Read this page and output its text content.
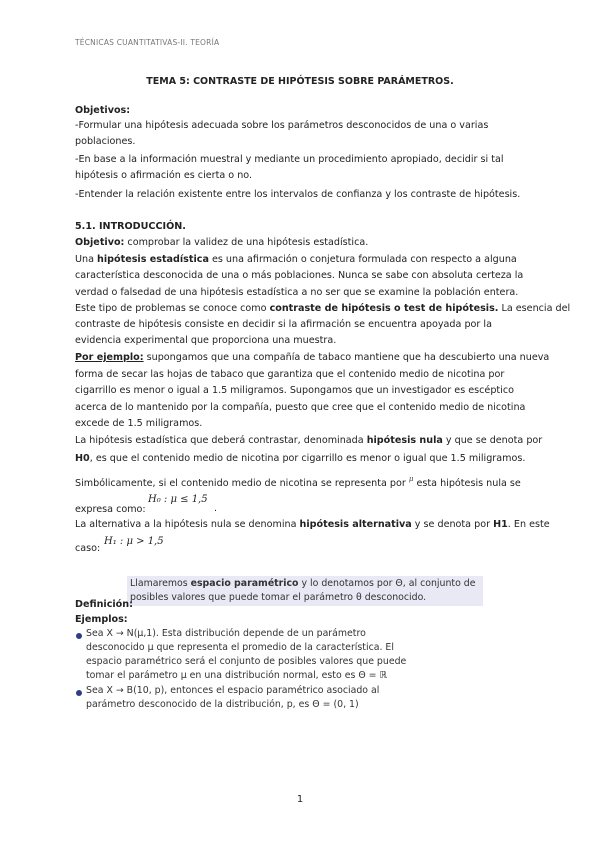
TÉCNICAS CUANTITATIVAS-II. TEORÍA
TEMA 5: CONTRASTE DE HIPÓTESIS SOBRE PARÁMETROS.
Objetivos:
-Formular una hipótesis adecuada sobre los parámetros desconocidos de una o varias
poblaciones.
-En base a la información muestral y mediante un procedimiento apropiado, decidir si tal
hipótesis o afirmación es cierta o no.
-Entender la relación existente entre los intervalos de confianza y los contraste de hipótesis.
5.1. INTRODUCCIÓN.
Objetivo: comprobar la validez de una hipótesis estadística.
Una hipótesis estadística es una afirmación o conjetura formulada con respecto a alguna
característica desconocida de una o más poblaciones. Nunca se sabe con absoluta certeza la
verdad o falsedad de una hipótesis estadística a no ser que se examine la población entera.
Este tipo de problemas se conoce como contraste de hipótesis o test de hipótesis. La esencia del
contraste de hipótesis consiste en decidir si la afirmación se encuentra apoyada por la
evidencia experimental que proporciona una muestra.
Por ejemplo: supongamos que una compañía de tabaco mantiene que ha descubierto una nueva
forma de secar las hojas de tabaco que garantiza que el contenido medio de nicotina por
cigarrillo es menor o igual a 1.5 miligramos. Supongamos que un investigador es escéptico
acerca de lo mantenido por la compañía, puesto que cree que el contenido medio de nicotina
excede de 1.5 miligramos.
La hipótesis estadística que deberá contrastar, denominada hipótesis nula y que se denota por
H0, es que el contenido medio de nicotina por cigarrillo es menor o igual que 1.5 miligramos.
Simbólicamente, si el contenido medio de nicotina se representa por $^\mu$ esta hipótesis nula se
expresa como:
H₀ : μ ≤ 1,5
.
La alternativa a la hipótesis nula se denomina hipótesis alternativa y se denota por H1. En este
caso:
H₁ : μ > 1,5
Llamaremos espacio paramétrico y lo denotamos por Θ, al conjunto de
posibles valores que puede tomar el parámetro θ desconocido.
Definición:
Ejemplos:
Sea X → N(μ,1). Esta distribución depende de un parámetro
desconocido μ que representa el promedio de la característica. El
espacio paramétrico será el conjunto de posibles valores que puede
tomar el parámetro μ en una distribución normal, esto es Θ = ℝ
Sea X → B(10, p), entonces el espacio paramétrico asociado al
parámetro desconocido de la distribución, p, es Θ = (0, 1)
1
